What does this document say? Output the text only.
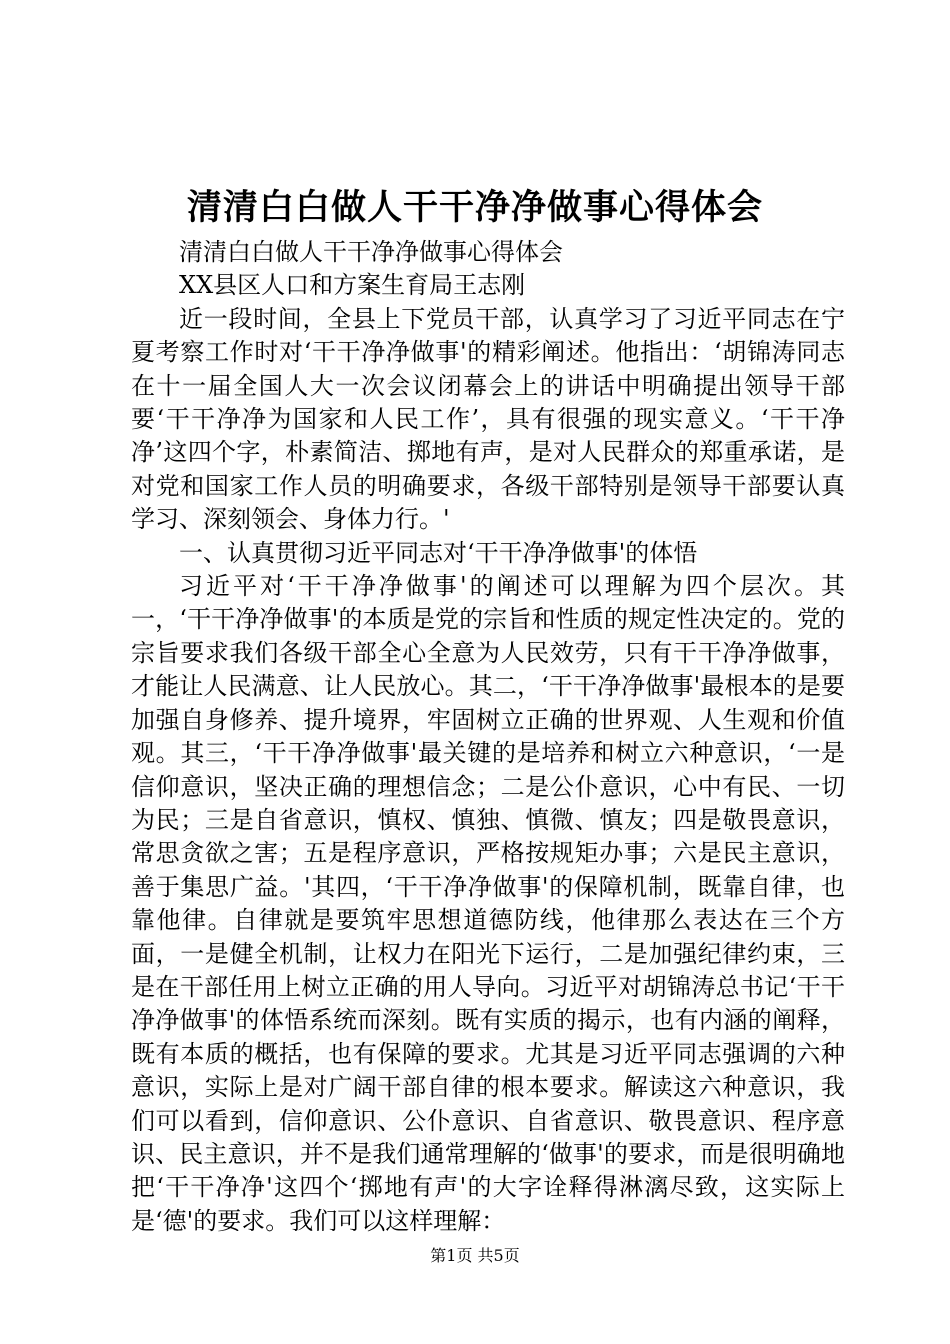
清清白白做人干干净净做事心得体会

清清白白做人干干净净做事心得体会

XX县区人口和方案生育局王志刚

近一段时间，全县上下党员干部，认真学习了习近平同志在宁夏考察工作时对‘干干净净做事'的精彩阐述。他指出：‘胡锦涛同志在十一届全国人大一次会议闭幕会上的讲话中明确提出领导干部要‘干干净净为国家和人民工作’，具有很强的现实意义。‘干干净净’这四个字，朴素简洁、掷地有声，是对人民群众的郑重承诺，是对党和国家工作人员的明确要求，各级干部特别是领导干部要认真学习、深刻领会、身体力行。'

一、认真贯彻习近平同志对‘干干净净做事'的体悟

习近平对‘干干净净做事'的阐述可以理解为四个层次。其一，‘干干净净做事'的本质是党的宗旨和性质的规定性决定的。党的宗旨要求我们各级干部全心全意为人民效劳，只有干干净净做事，才能让人民满意、让人民放心。其二，‘干干净净做事'最根本的是要加强自身修养、提升境界，牢固树立正确的世界观、人生观和价值观。其三，‘干干净净做事'最关键的是培养和树立六种意识，‘一是信仰意识，坚决正确的理想信念；二是公仆意识，心中有民、一切为民；三是自省意识，慎权、慎独、慎微、慎友；四是敬畏意识，常思贪欲之害；五是程序意识，严格按规矩办事；六是民主意识，善于集思广益。'其四，‘干干净净做事'的保障机制，既靠自律，也靠他律。自律就是要筑牢思想道德防线，他律那么表达在三个方面，一是健全机制，让权力在阳光下运行，二是加强纪律约束，三是在干部任用上树立正确的用人导向。习近平对胡锦涛总书记‘干干净净做事'的体悟系统而深刻。既有实质的揭示，也有内涵的阐释，既有本质的概括，也有保障的要求。尤其是习近平同志强调的六种意识，实际上是对广阔干部自律的根本要求。解读这六种意识，我们可以看到，信仰意识、公仆意识、自省意识、敬畏意识、程序意识、民主意识，并不是我们通常理解的‘做事'的要求，而是很明确地把‘干干净净'这四个‘掷地有声'的大字诠释得淋漓尽致，这实际上是‘德'的要求。我们可以这样理解：

第1页 共5页
